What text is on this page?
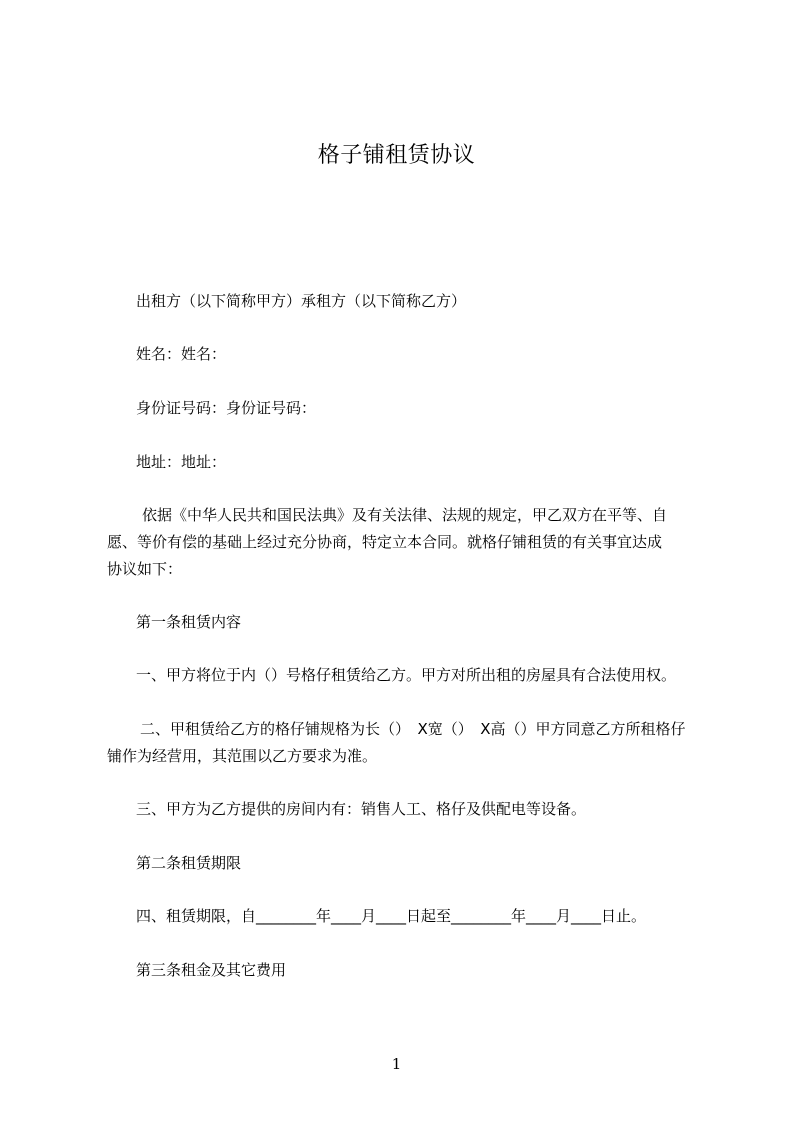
格子铺租赁协议
出租方（以下简称甲方）承租方（以下简称乙方）
姓名：姓名：
身份证号码：身份证号码：
地址：地址：
依据《中华人民共和国民法典》及有关法律、法规的规定，甲乙双方在平等、自
愿、等价有偿的基础上经过充分协商，特定立本合同。就格仔铺租赁的有关事宜达成
协议如下：
第一条租赁内容
一、甲方将位于内（）号格仔租赁给乙方。甲方对所出租的房屋具有合法使用权。
二、甲租赁给乙方的格仔铺规格为长（）　X宽（）　X高（）甲方同意乙方所租格仔
铺作为经营用，其范围以乙方要求为准。
三、甲方为乙方提供的房间内有：销售人工、格仔及供配电等设备。
第二条租赁期限
四、租赁期限，自________年____月____日起至________年____月____日止。
第三条租金及其它费用
1
